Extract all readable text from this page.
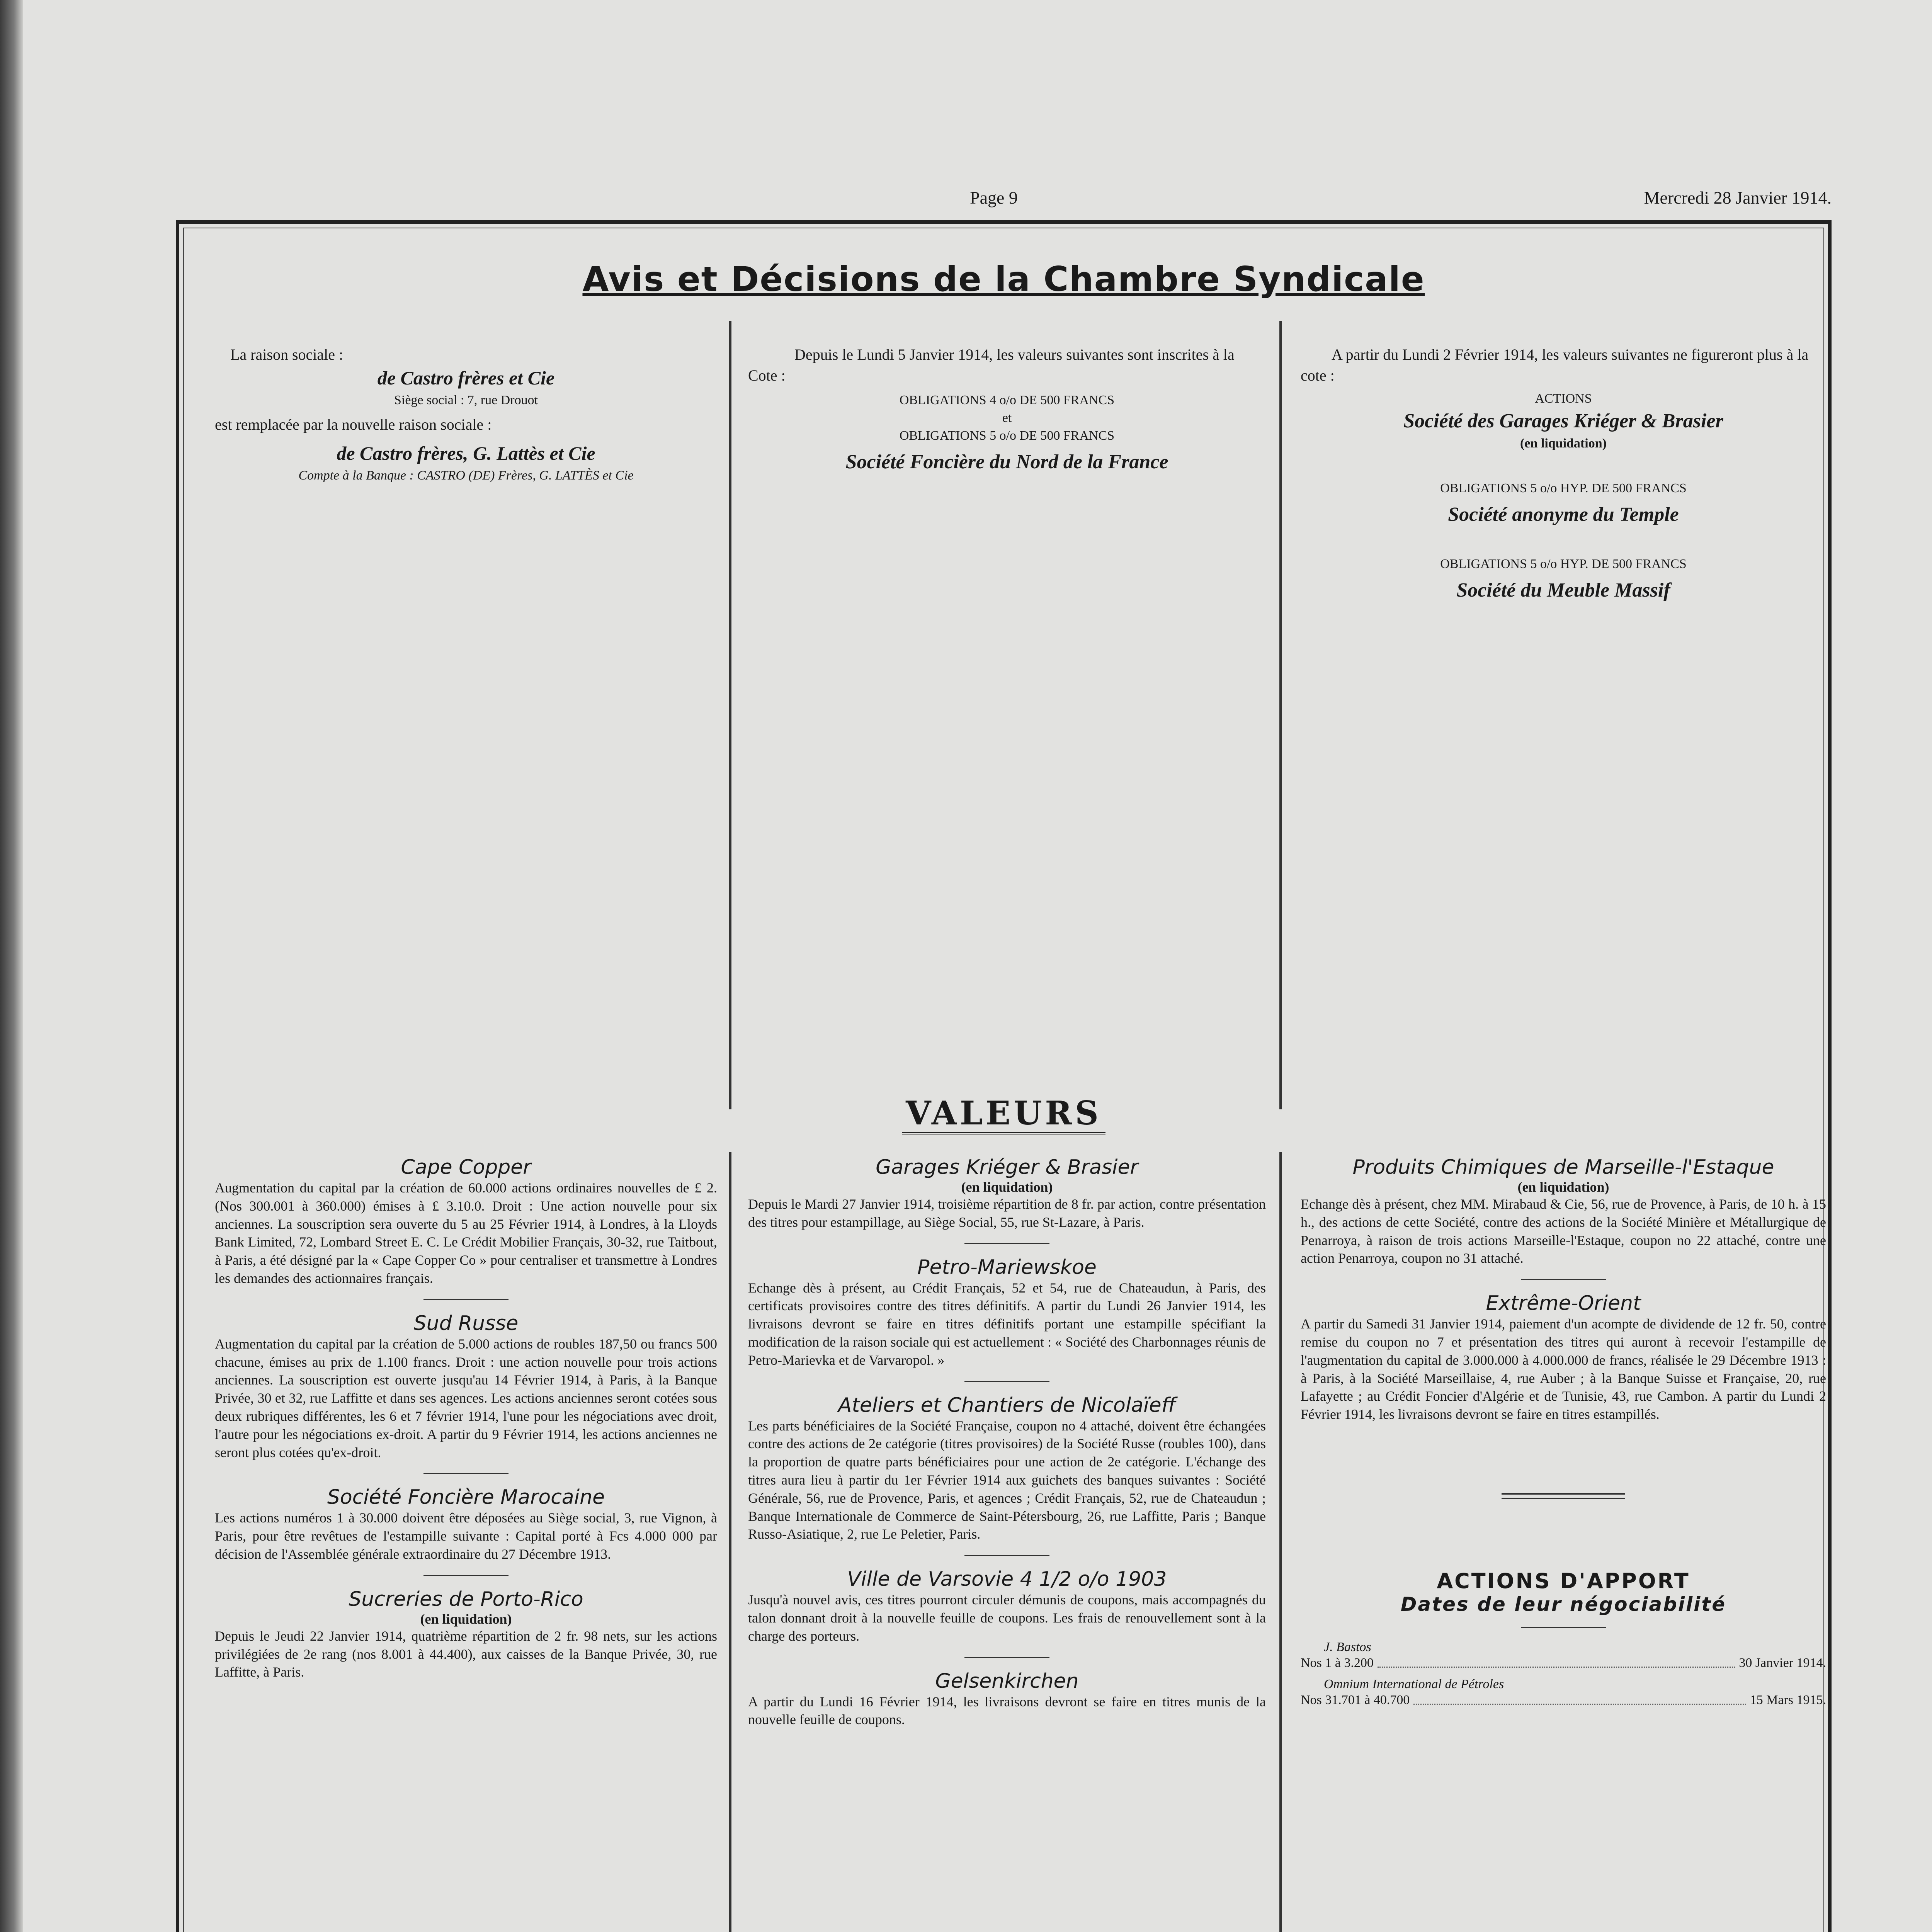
Page 9	Mercredi 28 Janvier 1914.
Avis et Décisions de la Chambre Syndicale
La raison sociale :
de Castro frères et Cie
Siège social : 7, rue Drouot
est remplacée par la nouvelle raison sociale :
de Castro frères, G. Lattès et Cie
Compte à la Banque : CASTRO (DE) Frères, G. LATTÈS et Cie
Depuis le Lundi 5 Janvier 1914, les valeurs suivantes sont inscrites à la Cote :
OBLIGATIONS 4 o/o DE 500 FRANCS
et
OBLIGATIONS 5 o/o DE 500 FRANCS
Société Foncière du Nord de la France
A partir du Lundi 2 Février 1914, les valeurs suivantes ne figureront plus à la cote :
ACTIONS
Société des Garages Kriéger & Brasier
(en liquidation)
OBLIGATIONS 5 o/o HYP. DE 500 FRANCS
Société anonyme du Temple
OBLIGATIONS 5 o/o HYP. DE 500 FRANCS
Société du Meuble Massif
VALEURS
Cape Copper

Augmentation du capital par la création de 60.000 actions ordinaires nouvelles de £ 2. (Nos 300.001 à 360.000) émises à £ 3.10.0. Droit : Une action nouvelle pour six anciennes. La souscription sera ouverte du 5 au 25 Février 1914, à Londres, à la Lloyds Bank Limited, 72, Lombard Street E. C. Le Crédit Mobilier Français, 30-32, rue Taitbout, à Paris, a été désigné par la « Cape Copper Co » pour centraliser et transmettre à Londres les demandes des actionnaires français.

Sud Russe

Augmentation du capital par la création de 5.000 actions de roubles 187,50 ou francs 500 chacune, émises au prix de 1.100 francs. Droit : une action nouvelle pour trois actions anciennes. La souscription est ouverte jusqu'au 14 Février 1914, à Paris, à la Banque Privée, 30 et 32, rue Laffitte et dans ses agences. Les actions anciennes seront cotées sous deux rubriques différentes, les 6 et 7 février 1914, l'une pour les négociations avec droit, l'autre pour les négociations ex-droit. A partir du 9 Février 1914, les actions anciennes ne seront plus cotées qu'ex-droit.

Société Foncière Marocaine

Les actions numéros 1 à 30.000 doivent être déposées au Siège social, 3, rue Vignon, à Paris, pour être revêtues de l'estampille suivante : Capital porté à Fcs 4.000 000 par décision de l'Assemblée générale extraordinaire du 27 Décembre 1913.

Sucreries de Porto-Rico
(en liquidation)

Depuis le Jeudi 22 Janvier 1914, quatrième répartition de 2 fr. 98 nets, sur les actions privilégiées de 2e rang (nos 8.001 à 44.400), aux caisses de la Banque Privée, 30, rue Laffitte, à Paris.

Garages Kriéger & Brasier
(en liquidation)

Depuis le Mardi 27 Janvier 1914, troisième répartition de 8 fr. par action, contre présentation des titres pour estampillage, au Siège Social, 55, rue St-Lazare, à Paris.

Petro-Mariewskoe

Echange dès à présent, au Crédit Français, 52 et 54, rue de Chateaudun, à Paris, des certificats provisoires contre des titres définitifs. A partir du Lundi 26 Janvier 1914, les livraisons devront se faire en titres définitifs portant une estampille spécifiant la modification de la raison sociale qui est actuellement : « Société des Charbonnages réunis de Petro-Marievka et de Varvaropol. »

Ateliers et Chantiers de Nicolaïeff

Les parts bénéficiaires de la Société Française, coupon no 4 attaché, doivent être échangées contre des actions de 2e catégorie (titres provisoires) de la Société Russe (roubles 100), dans la proportion de quatre parts bénéficiaires pour une action de 2e catégorie. L'échange des titres aura lieu à partir du 1er Février 1914 aux guichets des banques suivantes : Société Générale, 56, rue de Provence, Paris, et agences ; Crédit Français, 52, rue de Chateaudun ; Banque Internationale de Commerce de Saint-Pétersbourg, 26, rue Laffitte, Paris ; Banque Russo-Asiatique, 2, rue Le Peletier, Paris.

Ville de Varsovie 4 1/2 o/o 1903

Jusqu'à nouvel avis, ces titres pourront circuler démunis de coupons, mais accompagnés du talon donnant droit à la nouvelle feuille de coupons. Les frais de renouvellement sont à la charge des porteurs.

Gelsenkirchen

A partir du Lundi 16 Février 1914, les livraisons devront se faire en titres munis de la nouvelle feuille de coupons.

Produits Chimiques de Marseille-l'Estaque
(en liquidation)

Echange dès à présent, chez MM. Mirabaud & Cie, 56, rue de Provence, à Paris, de 10 h. à 15 h., des actions de cette Société, contre des actions de la Société Minière et Métallurgique de Penarroya, à raison de trois actions Marseille-l'Estaque, coupon no 22 attaché, contre une action Penarroya, coupon no 31 attaché.

Extrême-Orient

A partir du Samedi 31 Janvier 1914, paiement d'un acompte de dividende de 12 fr. 50, contre remise du coupon no 7 et présentation des titres qui auront à recevoir l'estampille de l'augmentation du capital de 3.000.000 à 4.000.000 de francs, réalisée le 29 Décembre 1913 : à Paris, à la Société Marseillaise, 4, rue Auber ; à la Banque Suisse et Française, 20, rue Lafayette ; au Crédit Foncier d'Algérie et de Tunisie, 43, rue Cambon. A partir du Lundi 2 Février 1914, les livraisons devront se faire en titres estampillés.

ACTIONS D'APPORT
Dates de leur négociabilité
J. Bastos
Nos 1 à 3.200	30 Janvier 1914.
Omnium International de Pétroles
Nos 31.701 à 40.700	15 Mars 1915.
